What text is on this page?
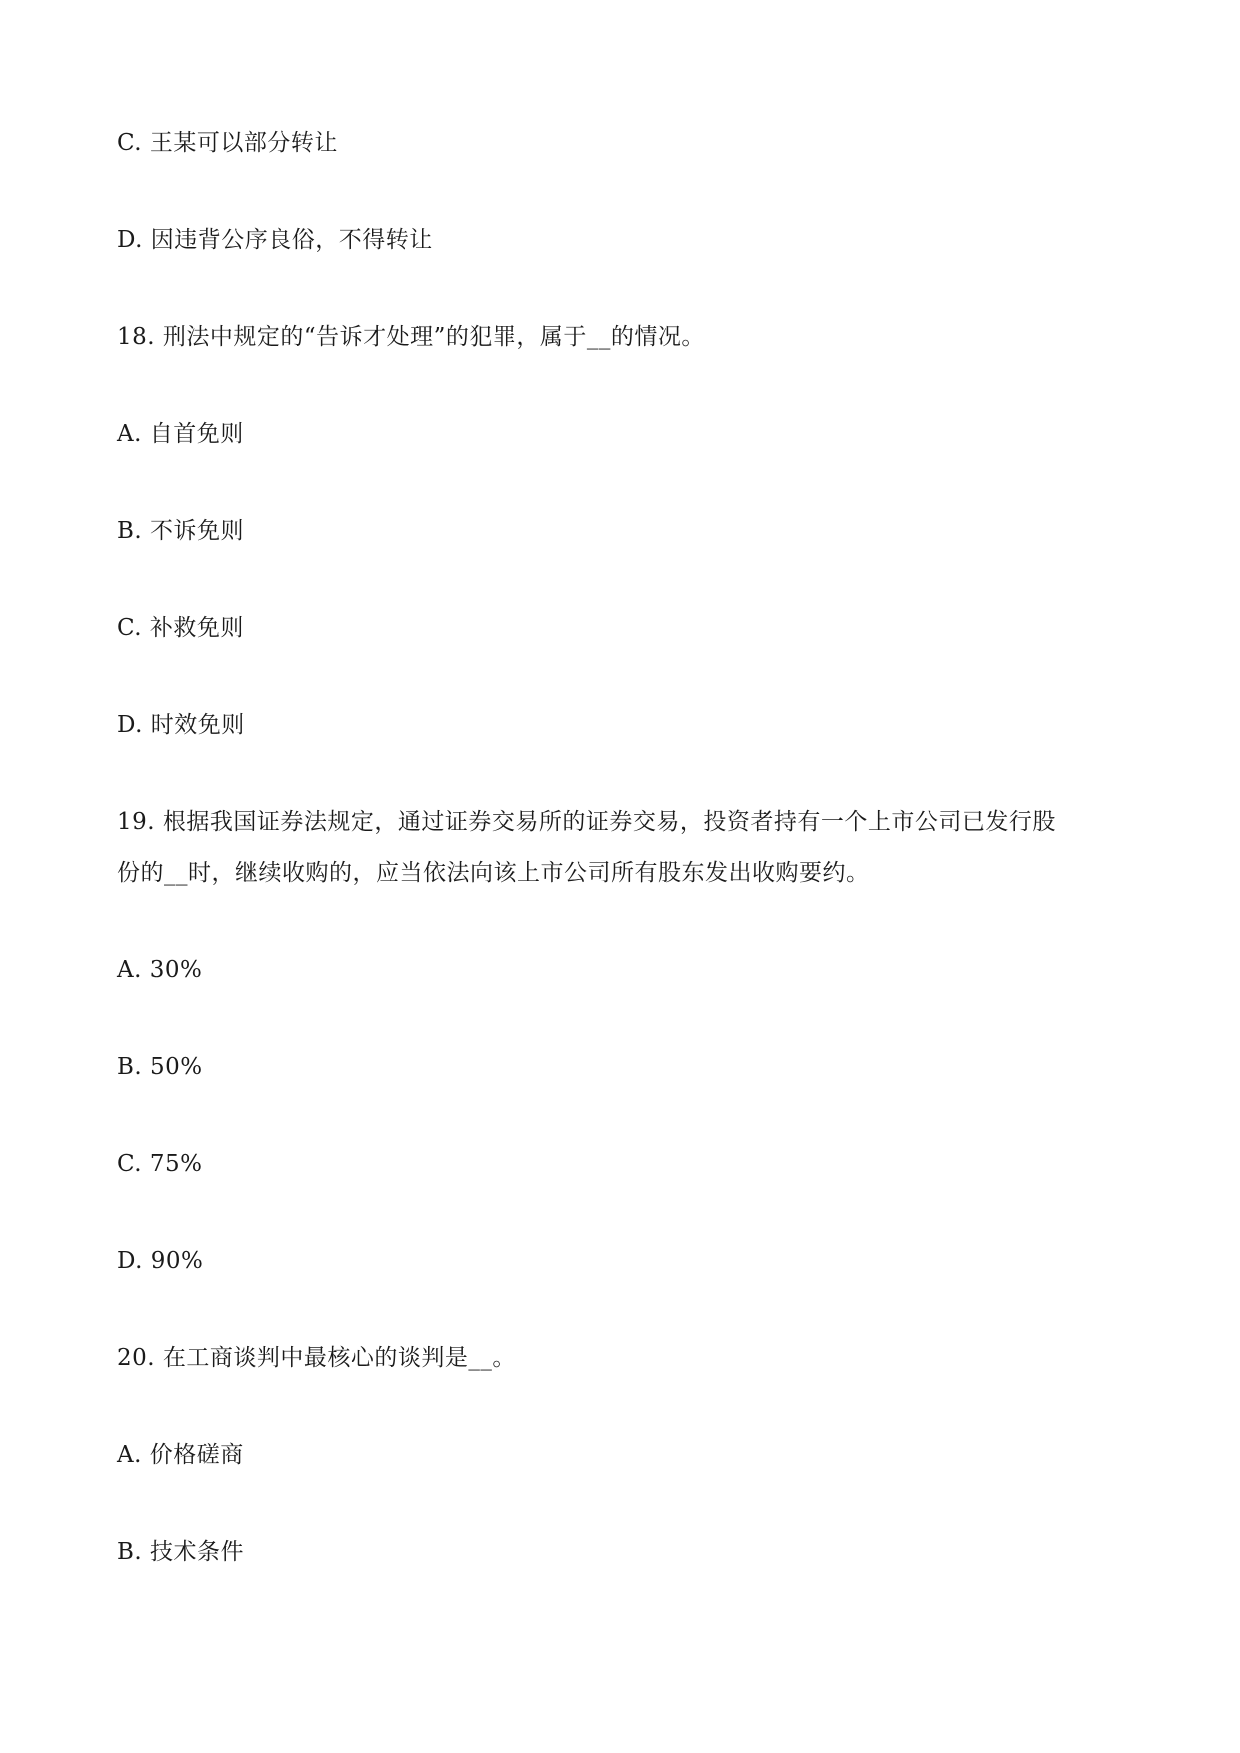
C. 王某可以部分转让
D. 因违背公序良俗，不得转让
18. 刑法中规定的“告诉才处理”的犯罪，属于__的情况。
A. 自首免则
B. 不诉免则
C. 补救免则
D. 时效免则
19. 根据我国证券法规定，通过证券交易所的证券交易，投资者持有一个上市公司已发行股
份的__时，继续收购的，应当依法向该上市公司所有股东发出收购要约。
A. 30%
B. 50%
C. 75%
D. 90%
20. 在工商谈判中最核心的谈判是__。
A. 价格磋商
B. 技术条件
